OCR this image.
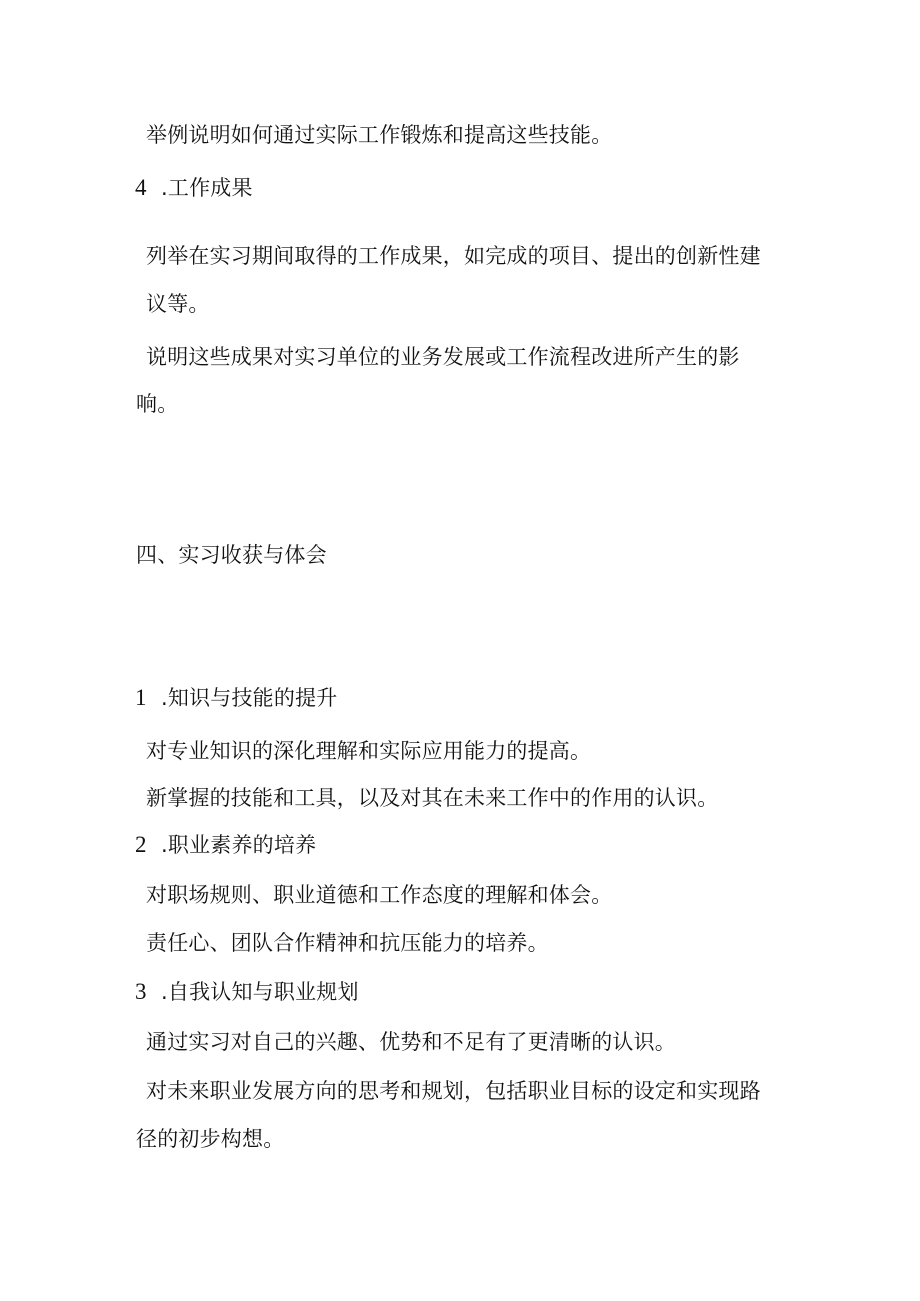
举例说明如何通过实际工作锻炼和提高这些技能。
4 .工作成果
列举在实习期间取得的工作成果，如完成的项目、提出的创新性建
议等。
说明这些成果对实习单位的业务发展或工作流程改进所产生的影
响。
四、实习收获与体会
1 .知识与技能的提升
对专业知识的深化理解和实际应用能力的提高。
新掌握的技能和工具，以及对其在未来工作中的作用的认识。
2 .职业素养的培养
对职场规则、职业道德和工作态度的理解和体会。
责任心、团队合作精神和抗压能力的培养。
3 .自我认知与职业规划
通过实习对自己的兴趣、优势和不足有了更清晰的认识。
对未来职业发展方向的思考和规划，包括职业目标的设定和实现路
径的初步构想。
